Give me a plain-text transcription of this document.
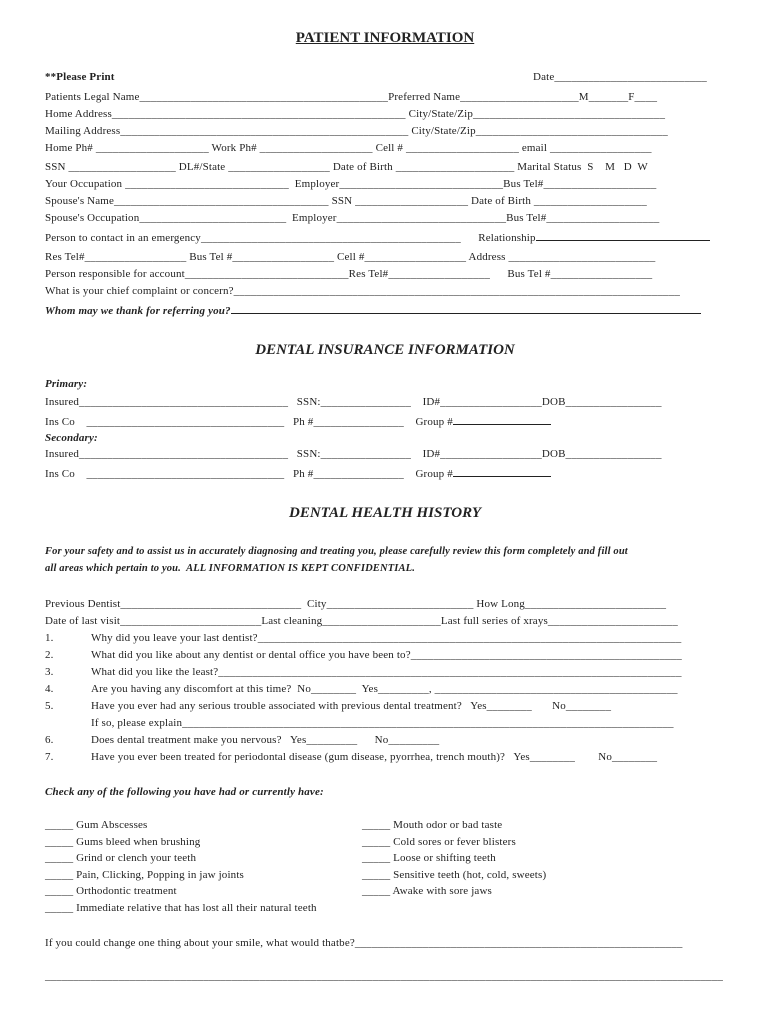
PATIENT INFORMATION
**Please Print	Date___________________________
Patients Legal Name____________________________________________Preferred Name_____________________M_______F____
Home Address____________________________________________________ City/State/Zip__________________________________
Mailing Address___________________________________________________ City/State/Zip__________________________________
Home Ph# ____________________ Work Ph# ____________________ Cell # ____________________ email __________________
SSN ___________________ DL#/State __________________ Date of Birth _____________________ Marital Status  S    M   D  W
Your Occupation _____________________________  Employer_____________________________Bus Tel#____________________
Spouse's Name______________________________________ SSN ____________________ Date of Birth ____________________
Spouse's Occupation__________________________  Employer______________________________Bus Tel#____________________
Person to contact in an emergency______________________________________________      Relationship
Res Tel#__________________ Bus Tel #__________________ Cell #__________________ Address __________________________
Person responsible for account_____________________________Res Tel#__________________      Bus Tel #__________________
What is your chief complaint or concern?_______________________________________________________________________________
Whom may we thank for referring you?
DENTAL INSURANCE INFORMATION
Primary:
Insured_____________________________________   SSN:________________    ID#__________________DOB_________________
Ins Co    ___________________________________   Ph #________________    Group #
Secondary:
Insured_____________________________________   SSN:________________    ID#__________________DOB_________________
Ins Co    ___________________________________   Ph #________________    Group #
DENTAL HEALTH HISTORY
For your safety and to assist us in accurately diagnosing and treating you, please carefully review this form completely and fill out
all areas which pertain to you.  ALL INFORMATION IS KEPT CONFIDENTIAL.
Previous Dentist________________________________  City__________________________ How Long_________________________
Date of last visit_________________________Last cleaning_____________________Last full series of xrays_______________________
1.	Why did you leave your last dentist?___________________________________________________________________________
2.	What did you like about any dentist or dental office you have been to?________________________________________________
3.	What did you like the least?__________________________________________________________________________________
4.	Are you having any discomfort at this time?  No________  Yes_________, ___________________________________________
5.	Have you ever had any serious trouble associated with previous dental treatment?   Yes________       No________
If so, please explain_______________________________________________________________________________________
6.	Does dental treatment make you nervous?   Yes_________      No_________
7.	Have you ever been treated for periodontal disease (gum disease, pyorrhea, trench mouth)?   Yes________        No________
Check any of the following you have had or currently have:
_____ Gum Abscesses
_____ Gums bleed when brushing
_____ Grind or clench your teeth
_____ Pain, Clicking, Popping in jaw joints
_____ Orthodontic treatment
_____ Immediate relative that has lost all their natural teeth
_____ Mouth odor or bad taste
_____ Cold sores or fever blisters
_____ Loose or shifting teeth
_____ Sensitive teeth (hot, cold, sweets)
_____ Awake with sore jaws
If you could change one thing about your smile, what would thatbe?__________________________________________________________
________________________________________________________________________________________________________________________
